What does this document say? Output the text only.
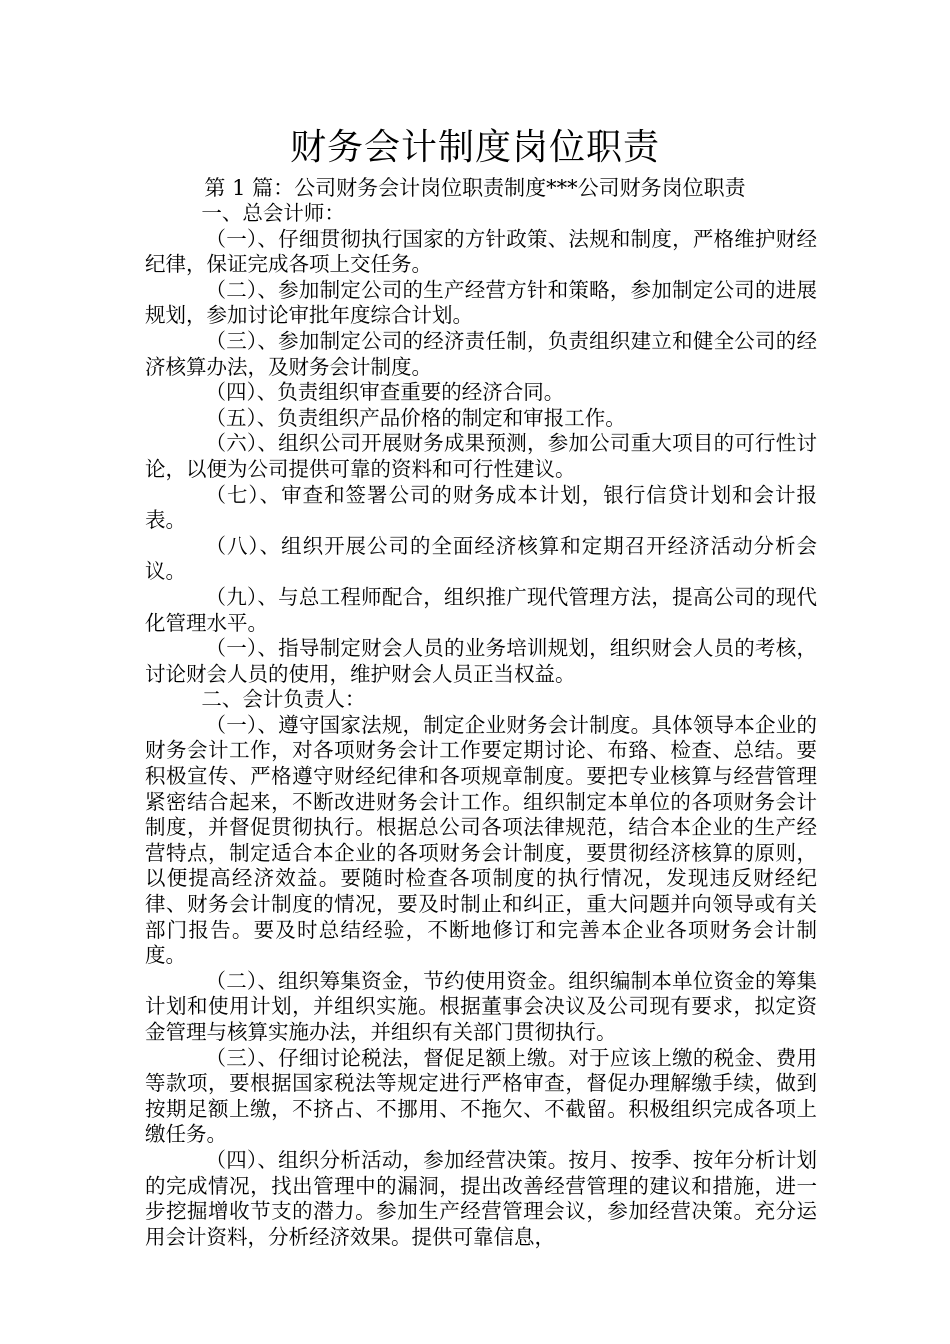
财务会计制度岗位职责
第 1 篇：公司财务会计岗位职责制度***公司财务岗位职责

一、总会计师：

（一）、仔细贯彻执行国家的方针政策、法规和制度，严格维护财经纪律，保证完成各项上交任务。

（二）、参加制定公司的生产经营方针和策略，参加制定公司的进展规划，参加讨论审批年度综合计划。

（三）、参加制定公司的经济责任制，负责组织建立和健全公司的经济核算办法，及财务会计制度。

（四）、负责组织审查重要的经济合同。

（五）、负责组织产品价格的制定和审报工作。

（六）、组织公司开展财务成果预测，参加公司重大项目的可行性讨论，以便为公司提供可靠的资料和可行性建议。

（七）、审查和签署公司的财务成本计划，银行信贷计划和会计报表。

（八）、组织开展公司的全面经济核算和定期召开经济活动分析会议。

（九）、与总工程师配合，组织推广现代管理方法，提高公司的现代化管理水平。

（一）、指导制定财会人员的业务培训规划，组织财会人员的考核，讨论财会人员的使用，维护财会人员正当权益。

二、会计负责人：

（一）、遵守国家法规，制定企业财务会计制度。具体领导本企业的财务会计工作，对各项财务会计工作要定期讨论、布臵、检查、总结。要积极宣传、严格遵守财经纪律和各项规章制度。要把专业核算与经营管理紧密结合起来，不断改进财务会计工作。组织制定本单位的各项财务会计制度，并督促贯彻执行。根据总公司各项法律规范，结合本企业的生产经营特点，制定适合本企业的各项财务会计制度，要贯彻经济核算的原则，以便提高经济效益。要随时检查各项制度的执行情况，发现违反财经纪律、财务会计制度的情况，要及时制止和纠正，重大问题并向领导或有关部门报告。要及时总结经验，不断地修订和完善本企业各项财务会计制度。

（二）、组织筹集资金，节约使用资金。组织编制本单位资金的筹集计划和使用计划，并组织实施。根据董事会决议及公司现有要求，拟定资金管理与核算实施办法，并组织有关部门贯彻执行。

（三）、仔细讨论税法，督促足额上缴。对于应该上缴的税金、费用等款项，要根据国家税法等规定进行严格审查，督促办理解缴手续，做到按期足额上缴，不挤占、不挪用、不拖欠、不截留。积极组织完成各项上缴任务。

（四）、组织分析活动，参加经营决策。按月、按季、按年分析计划的完成情况，找出管理中的漏洞，提出改善经营管理的建议和措施，进一步挖掘增收节支的潜力。参加生产经营管理会议，参加经营决策。充分运用会计资料，分析经济效果。提供可靠信息，
